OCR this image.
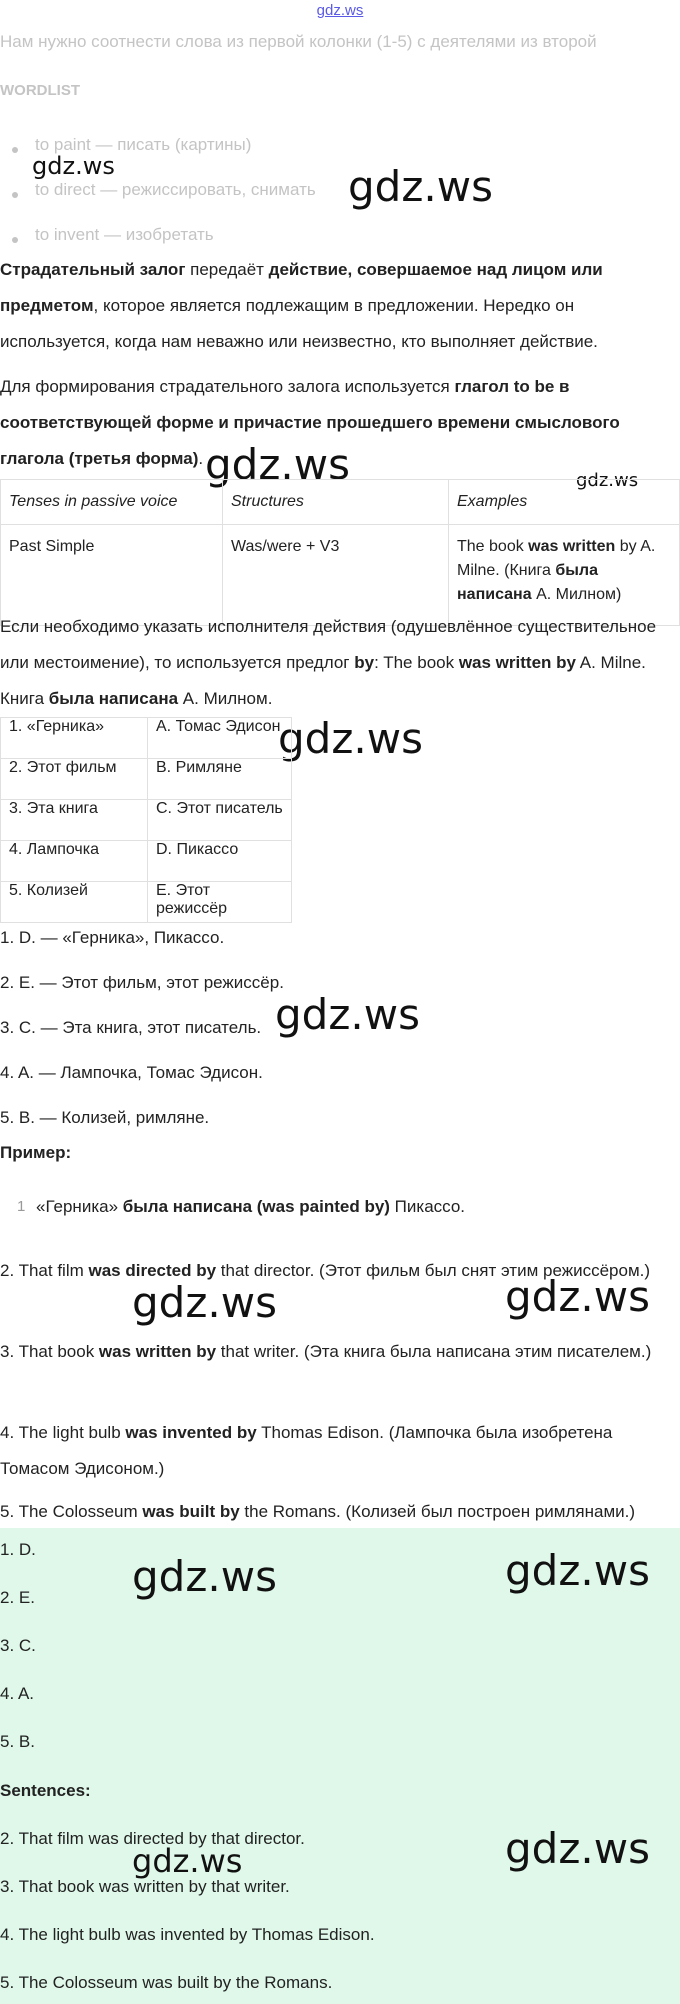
gdz.ws
Нам нужно соотнести слова из первой колонки (1-5) с деятелями из второй
WORDLIST
to paint — писать (картины)
to direct — режиссировать, снимать
to invent — изобретать
gdz.ws	gdz.ws
gdz.ws	gdz.ws
gdz.ws
gdz.ws
gdz.ws	gdz.ws
Страдательный залог передаёт действие, совершаемое над лицом или предметом, которое является подлежащим в предложении. Нередко он используется, когда нам неважно или неизвестно, кто выполняет действие.
Для формирования страдательного залога используется глагол to be в соответствующей форме и причастие прошедшего времени смыслового глагола (третья форма).
Tenses in passive voice	Structures	Examples
Past Simple	Was/were + V3	The book was written by A. Milne. (Книга была написана А. Милном)
Если необходимо указать исполнителя действия (одушевлённое существительное или местоимение), то используется предлог by: The book was written by A. Milne. Книга была написана А. Милном.
1. «Герника»	A. Томас Эдисон
2. Этот фильм	B. Римляне
3. Эта книга	C. Этот писатель
4. Лампочка	D. Пикассо
5. Колизей	E. Этот режиссёр
1. D. — «Герника», Пикассо.
2. E. — Этот фильм, этот режиссёр.
3. C. — Эта книга, этот писатель.
4. A. — Лампочка, Томас Эдисон.
5. B. — Колизей, римляне.
Пример:
1 «Герника» была написана (was painted by) Пикассо.
2. That film was directed by that director. (Этот фильм был снят этим режиссёром.)
3. That book was written by that writer. (Эта книга была написана этим писателем.)
4. The light bulb was invented by Thomas Edison. (Лампочка была изобретена Томасом Эдисоном.)
5. The Colosseum was built by the Romans. (Колизей был построен римлянами.)
1. D.
2. E.
3. C.
4. A.
5. B.
Sentences:
2. That film was directed by that director.
3. That book was written by that writer.
4. The light bulb was invented by Thomas Edison.
5. The Colosseum was built by the Romans.
gdz.ws	gdz.ws
gdz.ws	gdz.ws
